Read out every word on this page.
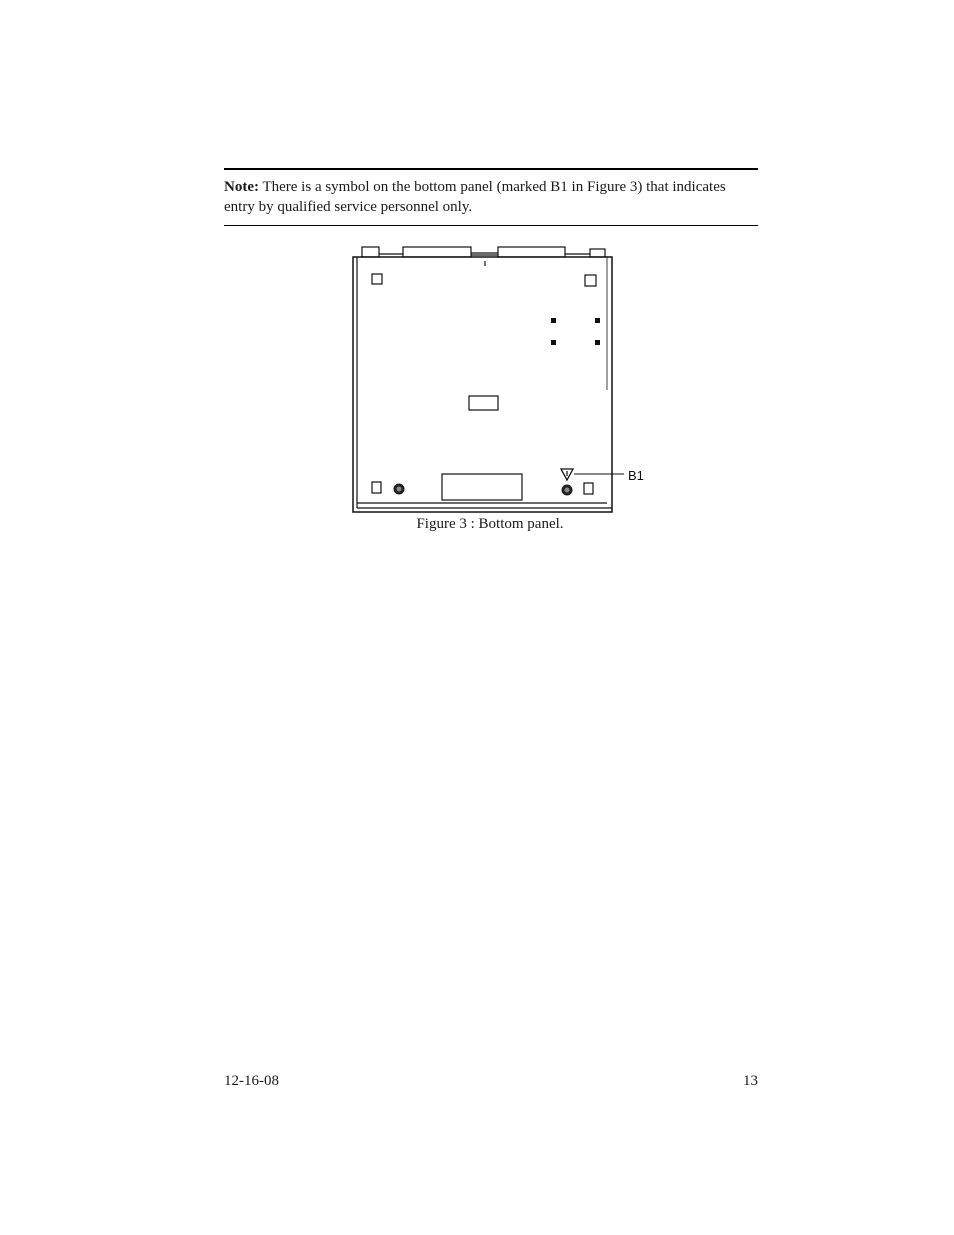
Note: There is a symbol on the bottom panel (marked B1 in Figure 3) that indicates entry by qualified service personnel only.
B1
Figure 3 : Bottom panel.
12-16-08	13
